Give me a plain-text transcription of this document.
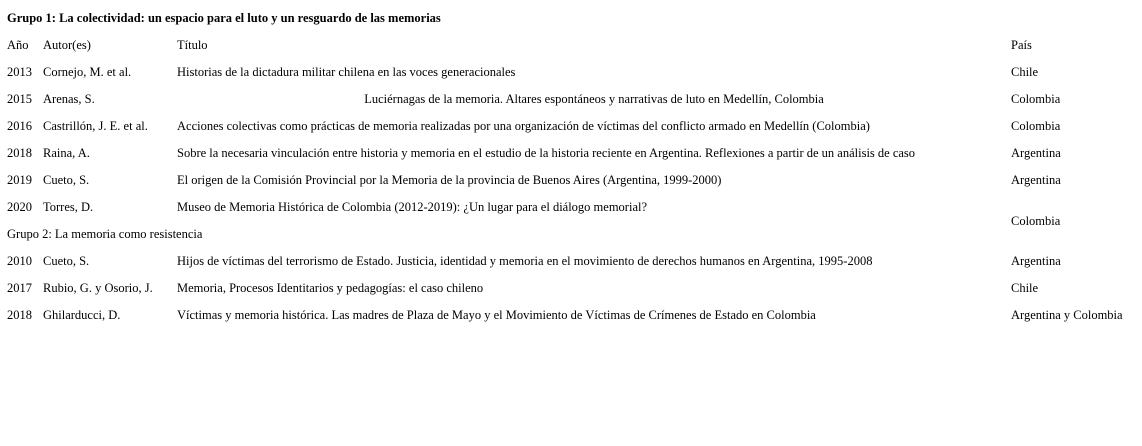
Grupo 1: La colectividad: un espacio para el luto y un resguardo de las memorias			
Año	Autor(es)	Título	País
2013	Cornejo, M. et al.	Historias de la dictadura militar chilena en las voces generacionales	Chile
2015	Arenas, S.	Luciérnagas de la memoria. Altares espontáneos y narrativas de luto en Medellín, Colombia	Colombia
2016	Castrillón, J. E. et al.	Acciones colectivas como prácticas de memoria realizadas por una organización de víctimas del conflicto armado en Medellín (Colombia)	Colombia
2018	Raina, A.	Sobre la necesaria vinculación entre historia y memoria en el estudio de la historia reciente en Argentina. Reflexiones a partir de un análisis de caso	Argentina
2019	Cueto, S.	El origen de la Comisión Provincial por la Memoria de la provincia de Buenos Aires (Argentina, 1999-2000)	Argentina
2020	Torres, D.	Museo de Memoria Histórica de Colombia (2012-2019): ¿Un lugar para el diálogo memorial?	Colombia
Grupo 2: La memoria como resistencia			
2010	Cueto, S.	Hijos de víctimas del terrorismo de Estado. Justicia, identidad y memoria en el movimiento de derechos humanos en Argentina, 1995-2008	Argentina
2017	Rubio, G. y Osorio, J.	Memoria, Procesos Identitarios y pedagogías: el caso chileno	Chile
2018	Ghilarducci, D.	Víctimas y memoria histórica. Las madres de Plaza de Mayo y el Movimiento de Víctimas de Crímenes de Estado en Colombia	Argentina y Colombia
